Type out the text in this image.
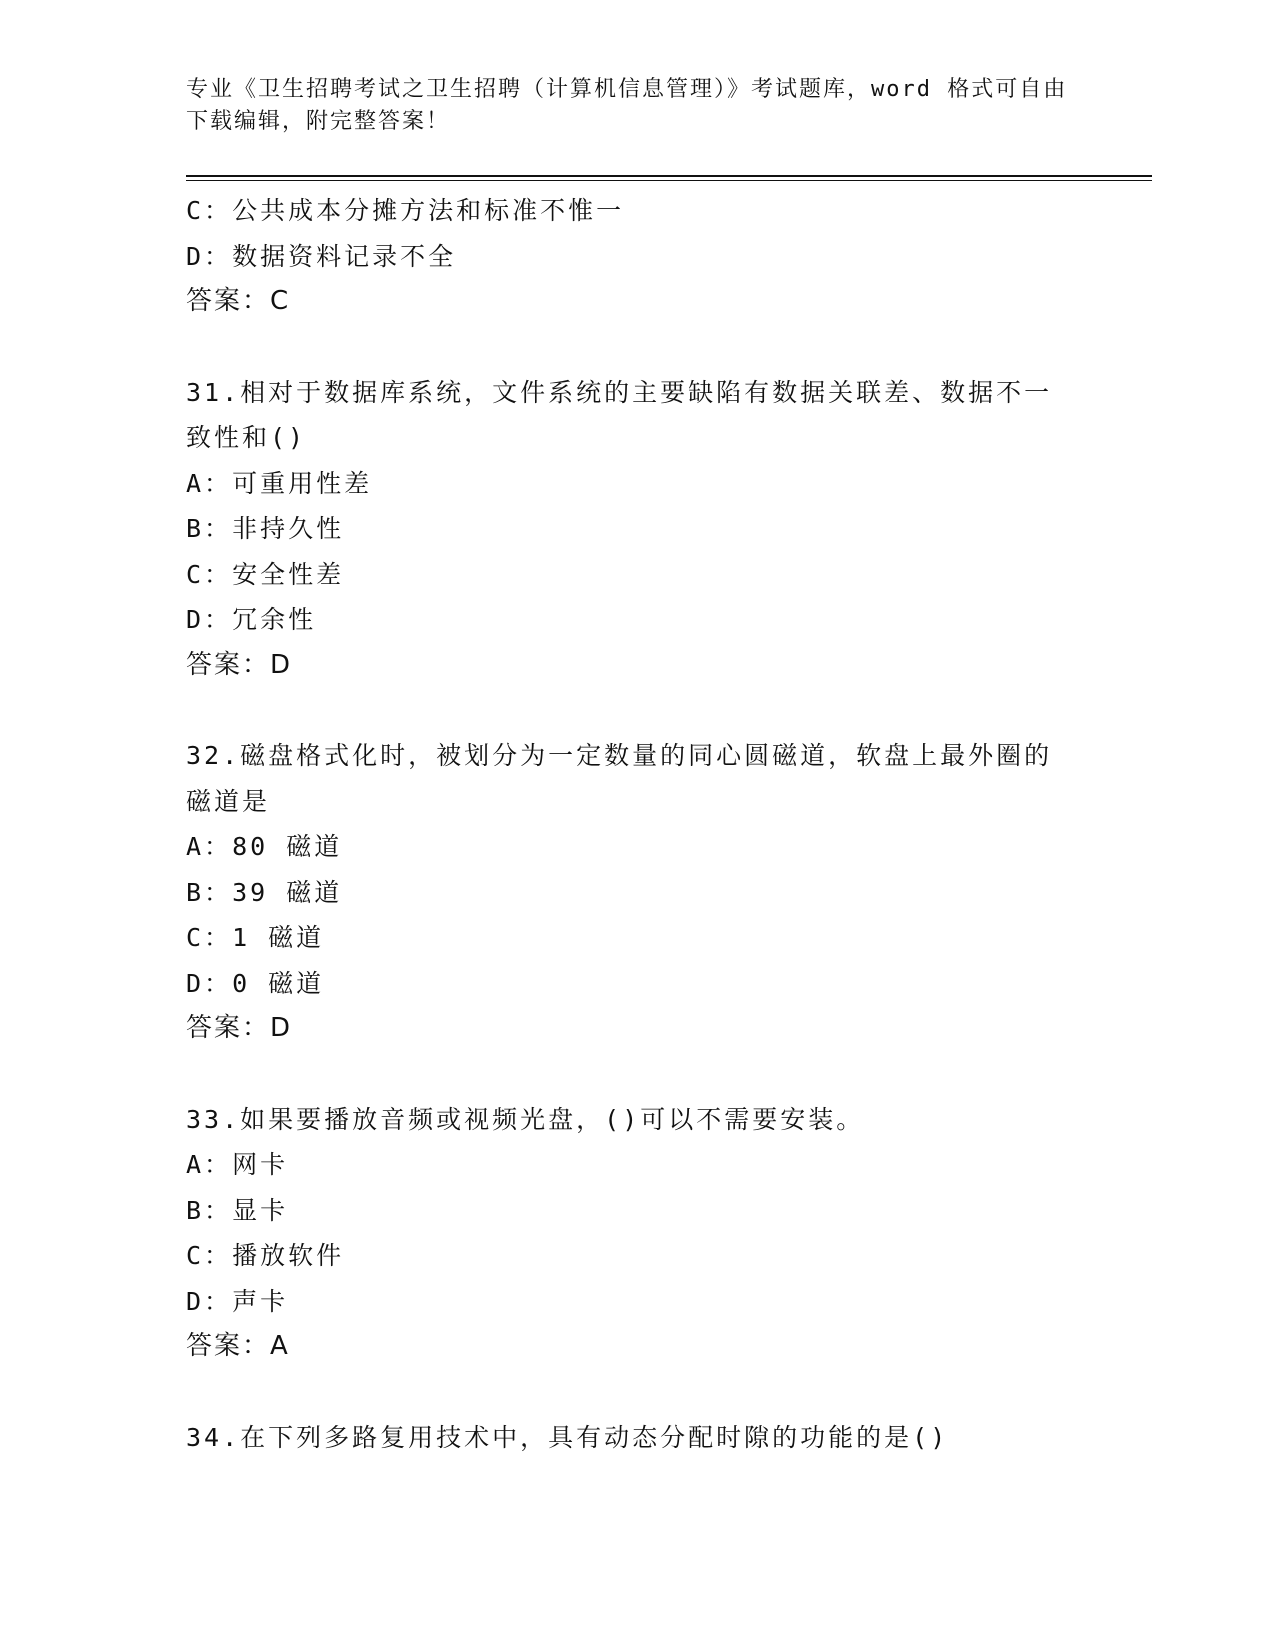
专业《卫生招聘考试之卫生招聘（计算机信息管理）》考试题库，word 格式可自由下载编辑，附完整答案！
C：公共成本分摊方法和标准不惟一
D：数据资料记录不全
答案：C
31.相对于数据库系统，文件系统的主要缺陷有数据关联差、数据不一致性和()
A：可重用性差
B：非持久性
C：安全性差
D：冗余性
答案：D
32.磁盘格式化时，被划分为一定数量的同心圆磁道，软盘上最外圈的磁道是
A：80 磁道
B：39 磁道
C：1 磁道
D：0 磁道
答案：D
33.如果要播放音频或视频光盘，()可以不需要安装。
A：网卡
B：显卡
C：播放软件
D：声卡
答案：A
34.在下列多路复用技术中，具有动态分配时隙的功能的是()
